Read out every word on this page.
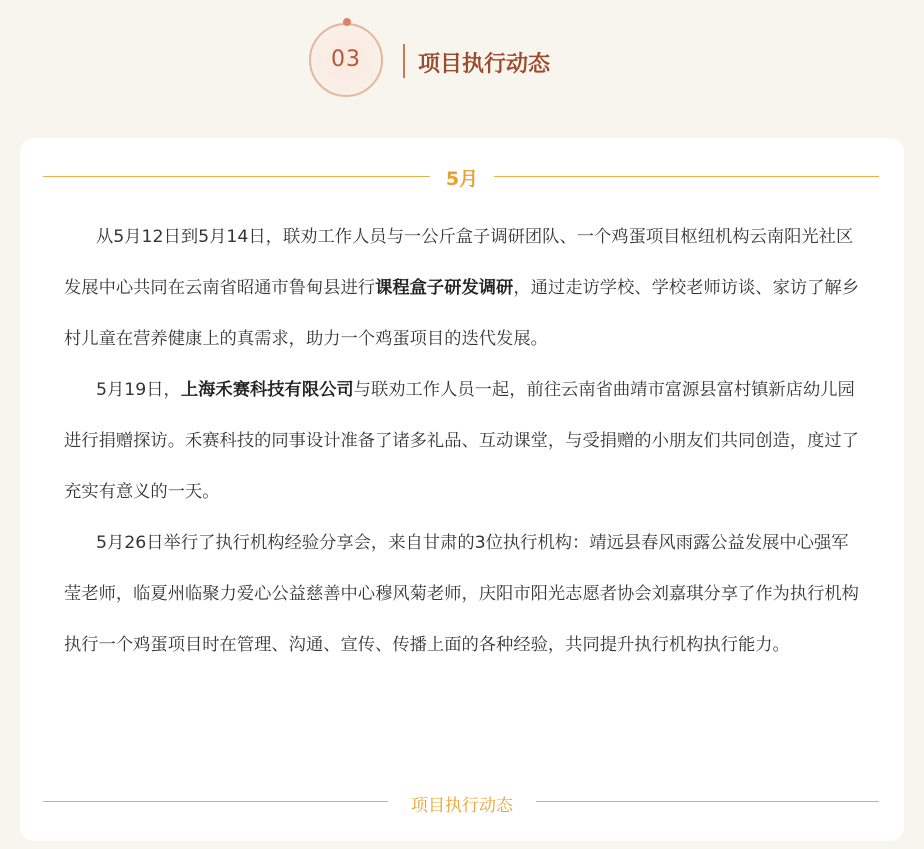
03	项目执行动态
5月

从5月12日到5月14日，联劝工作人员与一公斤盒子调研团队、一个鸡蛋项目枢纽机构云南阳光社区发展中心共同在云南省昭通市鲁甸县进行课程盒子研发调研，通过走访学校、学校老师访谈、家访了解乡村儿童在营养健康上的真需求，助力一个鸡蛋项目的迭代发展。

5月19日，上海禾赛科技有限公司与联劝工作人员一起，前往云南省曲靖市富源县富村镇新店幼儿园进行捐赠探访。禾赛科技的同事设计准备了诸多礼品、互动课堂，与受捐赠的小朋友们共同创造，度过了充实有意义的一天。

5月26日举行了执行机构经验分享会，来自甘肃的3位执行机构：靖远县春风雨露公益发展中心强军莹老师，临夏州临聚力爱心公益慈善中心穆风菊老师，庆阳市阳光志愿者协会刘嘉琪分享了作为执行机构执行一个鸡蛋项目时在管理、沟通、宣传、传播上面的各种经验，共同提升执行机构执行能力。

项目执行动态
